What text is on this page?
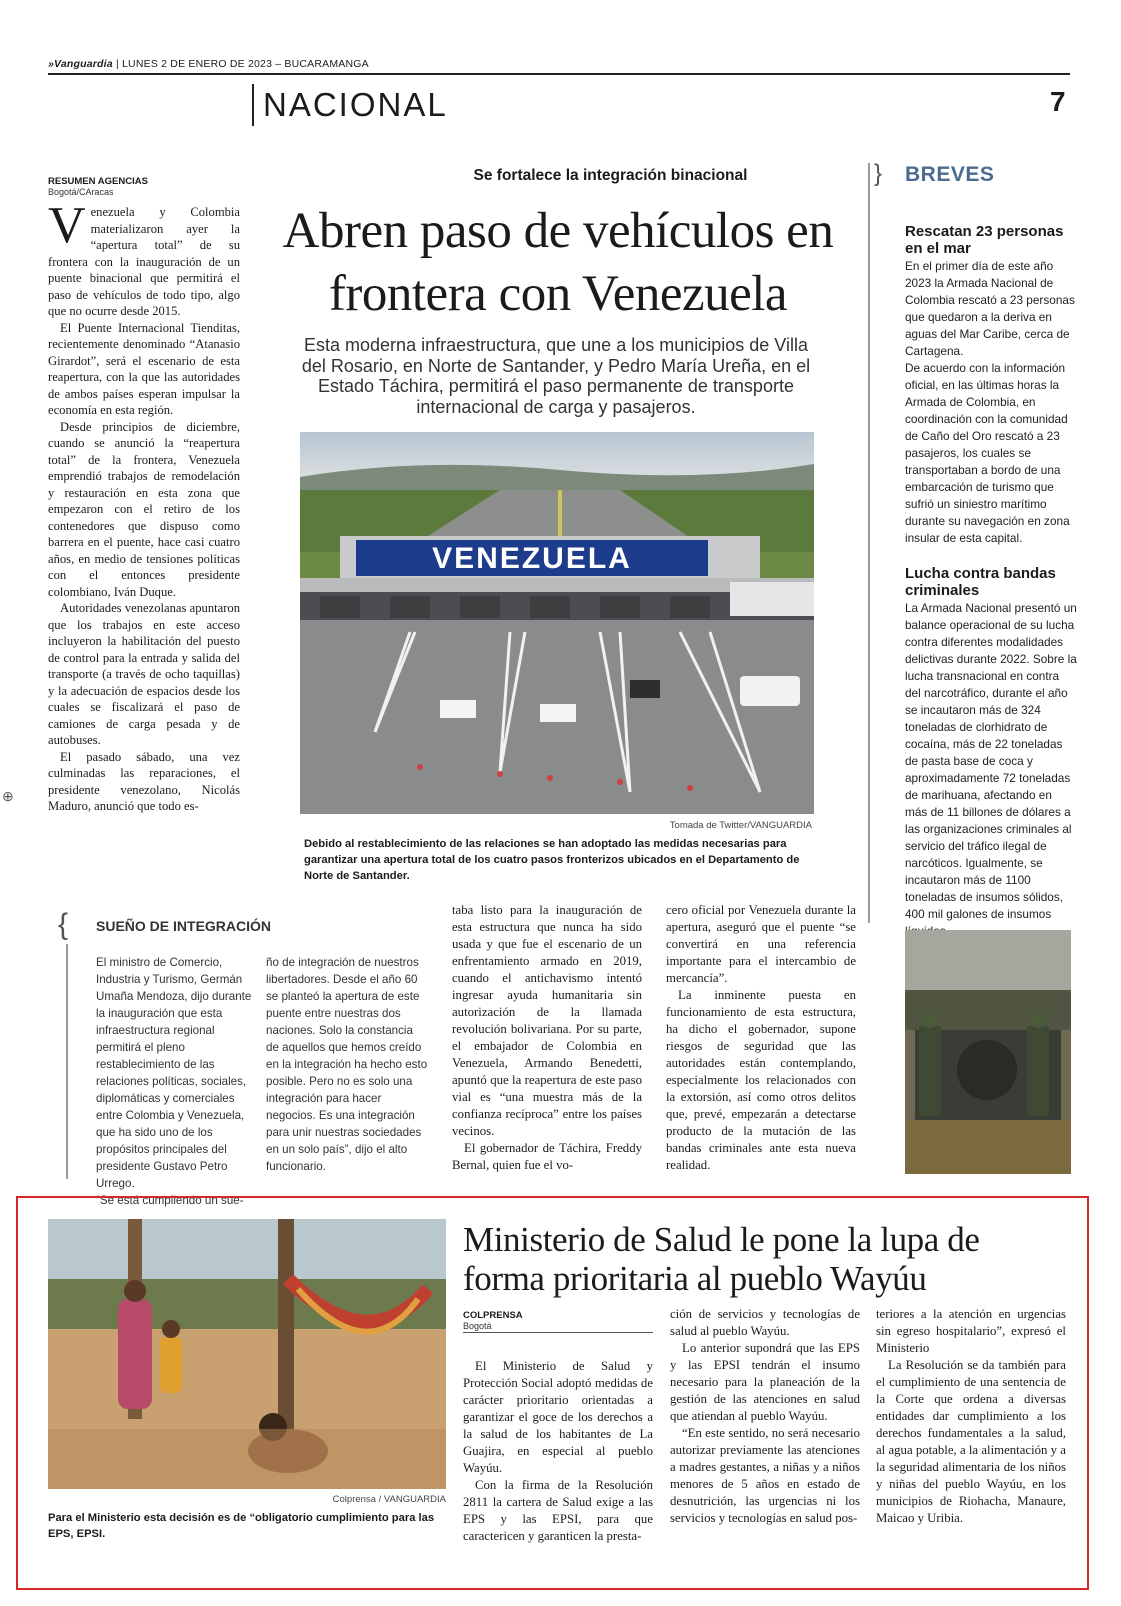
»Vanguardia | LUNES 2 DE ENERO DE 2023 – BUCARAMANGA
NACIONAL	7
RESUMEN AGENCIAS
Bogotá/CAracas

Venezuela y Colombia materializaron ayer la “apertura total” de su frontera con la inauguración de un puente binacional que permitirá el paso de vehículos de todo tipo, algo que no ocurre desde 2015.

El Puente Internacional Tienditas, recientemente denominado “Atanasio Girardot”, será el escenario de esta reapertura, con la que las autoridades de ambos países esperan impulsar la economía en esta región.

Desde principios de diciembre, cuando se anunció la “reapertura total” de la frontera, Venezuela emprendió trabajos de remodelación y restauración en esta zona que empezaron con el retiro de los contenedores que dispuso como barrera en el puente, hace casi cuatro años, en medio de tensiones políticas con el entonces presidente colombiano, Iván Duque.

Autoridades venezolanas apuntaron que los trabajos en este acceso incluyeron la habilitación del puesto de control para la entrada y salida del transporte (a través de ocho taquillas) y la adecuación de espacios desde los cuales se fiscalizará el paso de camiones de carga pesada y de autobuses.

El pasado sábado, una vez culminadas las reparaciones, el presidente venezolano, Nicolás Maduro, anunció que todo es-

Se fortalece la integración binacional
Abren paso de vehículos en frontera con Venezuela
Esta moderna infraestructura, que une a los municipios de Villa del Rosario, en Norte de Santander, y Pedro María Ureña, en el Estado Táchira, permitirá el paso permanente de transporte internacional de carga y pasajeros.
VENEZUELA
Tomada de Twitter/VANGUARDIA
Debido al restablecimiento de las relaciones se han adoptado las medidas necesarias para garantizar una apertura total de los cuatro pasos fronterizos ubicados en el Departamento de Norte de Santander.
} BREVES
Rescatan 23 personas en el mar

En el primer día de este año 2023 la Armada Nacional de Colombia rescató a 23 personas que quedaron a la deriva en aguas del Mar Caribe, cerca de Cartagena.

De acuerdo con la información oficial, en las últimas horas la Armada de Colombia, en coordinación con la comunidad de Caño del Oro rescató a 23 pasajeros, los cuales se transportaban a bordo de una embarcación de turismo que sufrió un siniestro marítimo durante su navegación en zona insular de esta capital.

Lucha contra bandas criminales
La Armada Nacional presentó un balance operacional de su lucha contra diferentes modalidades delictivas durante 2022. Sobre la lucha transnacional en contra del narcotráfico, durante el año se incautaron más de 324 toneladas de clorhidrato de cocaína, más de 22 toneladas de pasta base de coca y aproximadamente 72 toneladas de marihuana, afectando en más de 11 billones de dólares a las organizaciones criminales al servicio del tráfico ilegal de narcóticos. Igualmente, se incautaron más de 1100 toneladas de insumos sólidos, 400 mil galones de insumos
{ SUEÑO DE INTEGRACIÓN

El ministro de Comercio, Industria y Turismo, Germán Umaña Mendoza, dijo durante la inauguración que esta infraestructura regional permitirá el pleno restablecimiento de las relaciones políticas, sociales, diplomáticas y comerciales entre Colombia y Venezuela, que ha sido uno de los propósitos principales del presidente Gustavo Petro Urrego.

“Se está cumpliendo un sue-

ño de integración de nuestros libertadores. Desde el año 60 se planteó la apertura de este puente entre nuestras dos naciones. Solo la constancia de aquellos que hemos creído en la integración ha hecho esto posible. Pero no es solo una integración para hacer negocios. Es una integración para unir nuestras sociedades en un solo país”, dijo el alto funcionario.

taba listo para la inauguración de esta estructura que nunca ha sido usada y que fue el escenario de un enfrentamiento armado en 2019, cuando el antichavismo intentó ingresar ayuda humanitaria sin autorización de la llamada revolución bolivariana. Por su parte, el embajador de Colombia en Venezuela, Armando Benedetti, apuntó que la reapertura de este paso vial es “una muestra más de la confianza recíproca” entre los países vecinos.

El gobernador de Táchira, Freddy Bernal, quien fue el vo-

cero oficial por Venezuela durante la apertura, aseguró que el puente “se convertirá en una referencia importante para el intercambio de mercancía”.

La inminente puesta en funcionamiento de esta estructura, ha dicho el gobernador, supone riesgos de seguridad que las autoridades están contemplando, especialmente los relacionados con la extorsión, así como otros delitos que, prevé, empezarán a detectarse producto de la mutación de las bandas criminales ante esta nueva realidad.

Colprensa / VANGUARDIA
Para el Ministerio esta decisión es de “obligatorio cumplimiento para las EPS, EPSI.
Ministerio de Salud le pone la lupa de forma prioritaria al pueblo Wayúu
COLPRENSA
Bogotá

El Ministerio de Salud y Protección Social adoptó medidas de carácter prioritario orientadas a garantizar el goce de los derechos a la salud de los habitantes de La Guajira, en especial al pueblo Wayúu.

Con la firma de la Resolución 2811 la cartera de Salud exige a las EPS y las EPSI, para que caractericen y garanticen la presta-

ción de servicios y tecnologías de salud al pueblo Wayúu.

Lo anterior supondrá que las EPS y las EPSI tendrán el insumo necesario para la planeación de la gestión de las atenciones en salud que atiendan al pueblo Wayúu.

“En este sentido, no será necesario autorizar previamente las atenciones a madres gestantes, a niñas y a niños menores de 5 años en estado de desnutrición, las urgencias ni los servicios y tecnologías en salud pos-

teriores a la atención en urgencias sin egreso hospitalario”, expresó el Ministerio

La Resolución se da también para el cumplimiento de una sentencia de la Corte que ordena a diversas entidades dar cumplimiento a los derechos fundamentales a la salud, al agua potable, a la alimentación y a la seguridad alimentaria de los niños y niñas del pueblo Wayúu, en los municipios de Riohacha, Manaure, Maicao y Uribia.

⊕
